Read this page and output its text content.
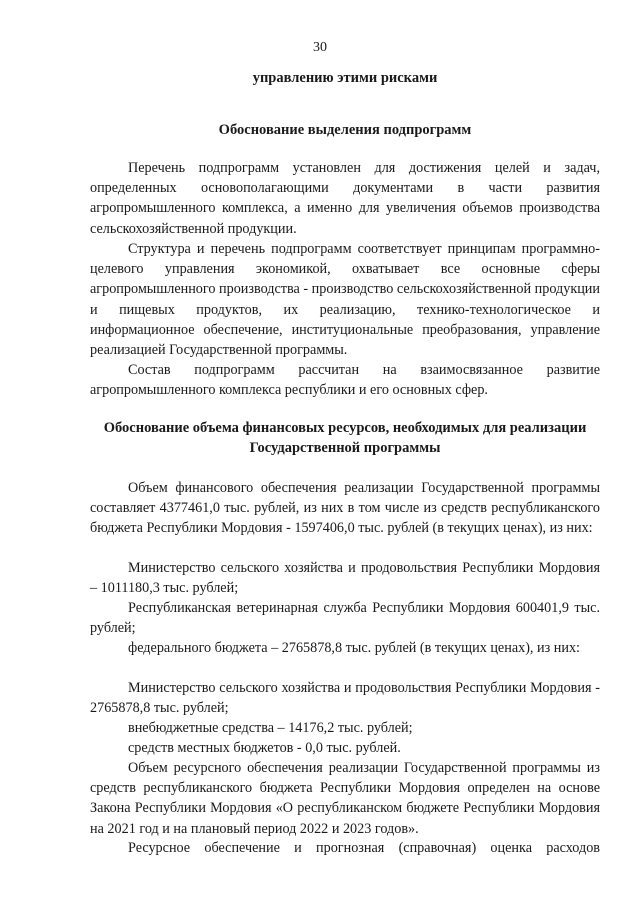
30
управлению этими рисками
Обоснование выделения подпрограмм

Перечень подпрограмм установлен для достижения целей и задач, определенных основополагающими документами в части развития агропромышленного комплекса, а именно для увеличения объемов производства сельскохозяйственной продукции.

Структура и перечень подпрограмм соответствует принципам программно-целевого управления экономикой, охватывает все основные сферы агропромышленного производства - производство сельскохозяйственной продукции и пищевых продуктов, их реализацию, технико-технологическое и информационное обеспечение, институциональные преобразования, управление реализацией Государственной программы.

Состав подпрограмм рассчитан на взаимосвязанное развитие агропромышленного комплекса республики и его основных сфер.

Обоснование объема финансовых ресурсов, необходимых для реализации Государственной программы

Объем финансового обеспечения реализации Государственной программы составляет 4377461,0 тыс. рублей, из них в том числе из средств республиканского бюджета Республики Мордовия - 1597406,0 тыс. рублей (в текущих ценах), из них:

Министерство сельского хозяйства и продовольствия Республики Мордовия – 1011180,3 тыс. рублей;

Республиканская ветеринарная служба Республики Мордовия 600401,9 тыс. рублей;

федерального бюджета – 2765878,8 тыс. рублей (в текущих ценах), из них:

Министерство сельского хозяйства и продовольствия Республики Мордовия - 2765878,8 тыс. рублей;

внебюджетные средства – 14176,2 тыс. рублей;

средств местных бюджетов - 0,0 тыс. рублей.

Объем ресурсного обеспечения реализации Государственной программы из средств республиканского бюджета Республики Мордовия определен на основе Закона Республики Мордовия «О республиканском бюджете Республики Мордовия на 2021 год и на плановый период 2022 и 2023 годов».

Ресурсное обеспечение и прогнозная (справочная) оценка расходов
